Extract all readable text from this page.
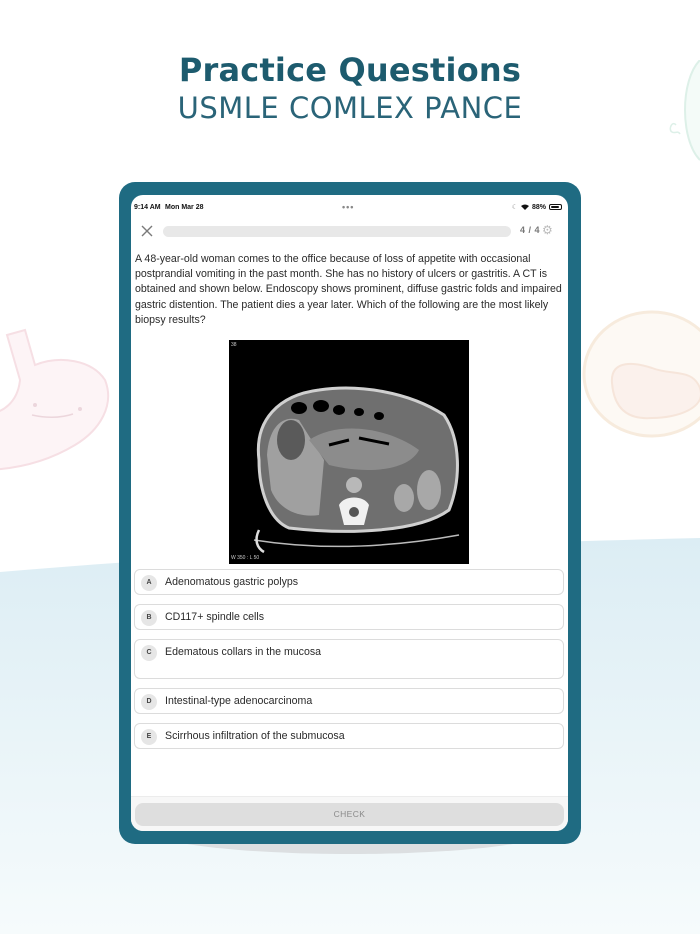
Practice Questions
USMLE COMLEX PANCE
9:14 AM Mon Mar 28	•••	☾ 88%
4 / 4 ⚙

A 48-year-old woman comes to the office because of loss of appetite with occasional postprandial vomiting in the past month. She has no history of ulcers or gastritis. A CT is obtained and shown below. Endoscopy shows prominent, diffuse gastric folds and impaired gastric distention. The patient dies a year later. Which of the following are the most likely biopsy results?

38
W 350 : L 50
A	Adenomatous gastric polyps
B	CD117+ spindle cells
C	Edematous collars in the mucosa
D	Intestinal-type adenocarcinoma
E	Scirrhous infiltration of the submucosa
CHECK
